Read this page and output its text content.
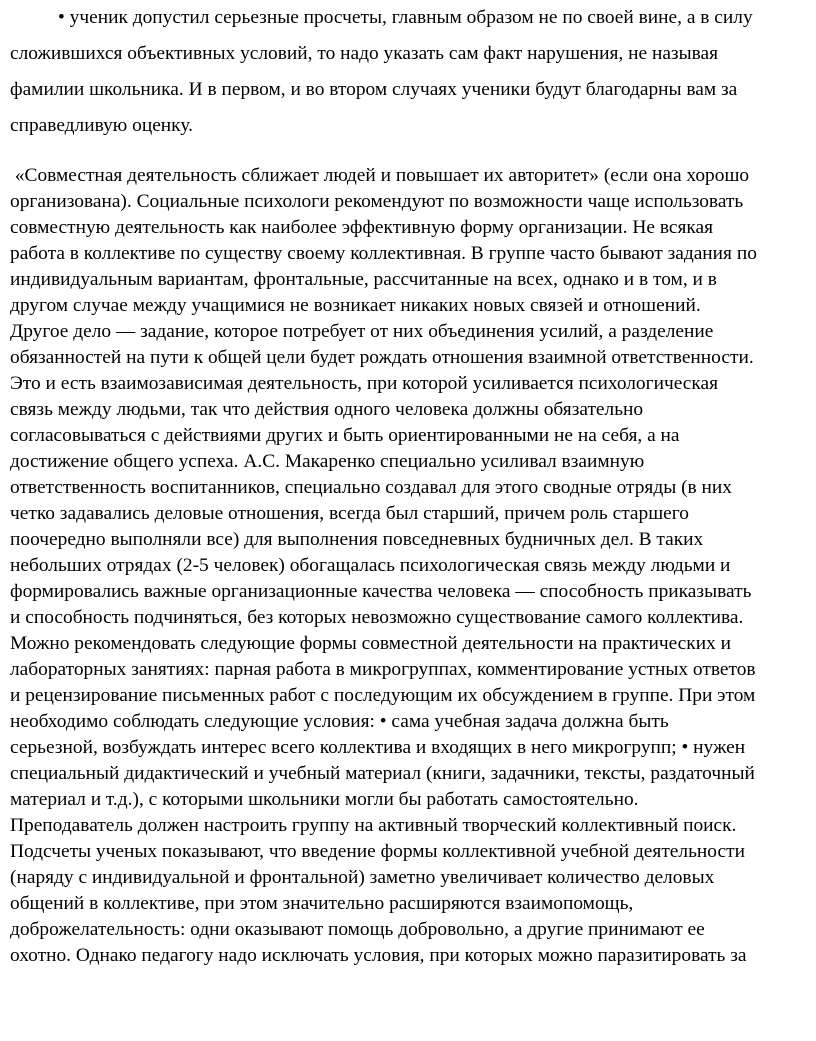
• ученик допустил серьезные просчеты, главным образом не по своей вине, а в силу
сложившихся объективных условий, то надо указать сам факт нарушения, не называя
фамилии школьника. И в первом, и во втором случаях ученики будут благодарны вам за
справедливую оценку.

«Совместная деятельность сближает людей и повышает их авторитет» (если она хорошо
организована). Социальные психологи рекомендуют по возможности чаще использовать
совместную деятельность как наиболее эффективную форму организации. Не всякая
работа в коллективе по существу своему коллективная. В группе часто бывают задания по
индивидуальным вариантам, фронтальные, рассчитанные на всех, однако и в том, и в
другом случае между учащимися не возникает никаких новых связей и отношений.
Другое дело — задание, которое потребует от них объединения усилий, а разделение
обязанностей на пути к общей цели будет рождать отношения взаимной ответственности.
Это и есть взаимозависимая деятельность, при которой усиливается психологическая
связь между людьми, так что действия одного человека должны обязательно
согласовываться с действиями других и быть ориентированными не на себя, а на
достижение общего успеха. А.С. Макаренко специально усиливал взаимную
ответственность воспитанников, специально создавал для этого сводные отряды (в них
четко задавались деловые отношения, всегда был старший, причем роль старшего
поочередно выполняли все) для выполнения повседневных будничных дел. В таких
небольших отрядах (2-5 человек) обогащалась психологическая связь между людьми и
формировались важные организационные качества человека — способность приказывать
и способность подчиняться, без которых невозможно существование самого коллектива.
Можно рекомендовать следующие формы совместной деятельности на практических и
лабораторных занятиях: парная работа в микрогруппах, комментирование устных ответов
и рецензирование письменных работ с последующим их обсуждением в группе. При этом
необходимо соблюдать следующие условия: • сама учебная задача должна быть
серьезной, возбуждать интерес всего коллектива и входящих в него микрогрупп; • нужен
специальный дидактический и учебный материал (книги, задачники, тексты, раздаточный
материал и т.д.), с которыми школьники могли бы работать самостоятельно.
Преподаватель должен настроить группу на активный творческий коллективный поиск.
Подсчеты ученых показывают, что введение формы коллективной учебной деятельности
(наряду с индивидуальной и фронтальной) заметно увеличивает количество деловых
общений в коллективе, при этом значительно расширяются взаимопомощь,
доброжелательность: одни оказывают помощь добровольно, а другие принимают ее
охотно. Однако педагогу надо исключать условия, при которых можно паразитировать за
